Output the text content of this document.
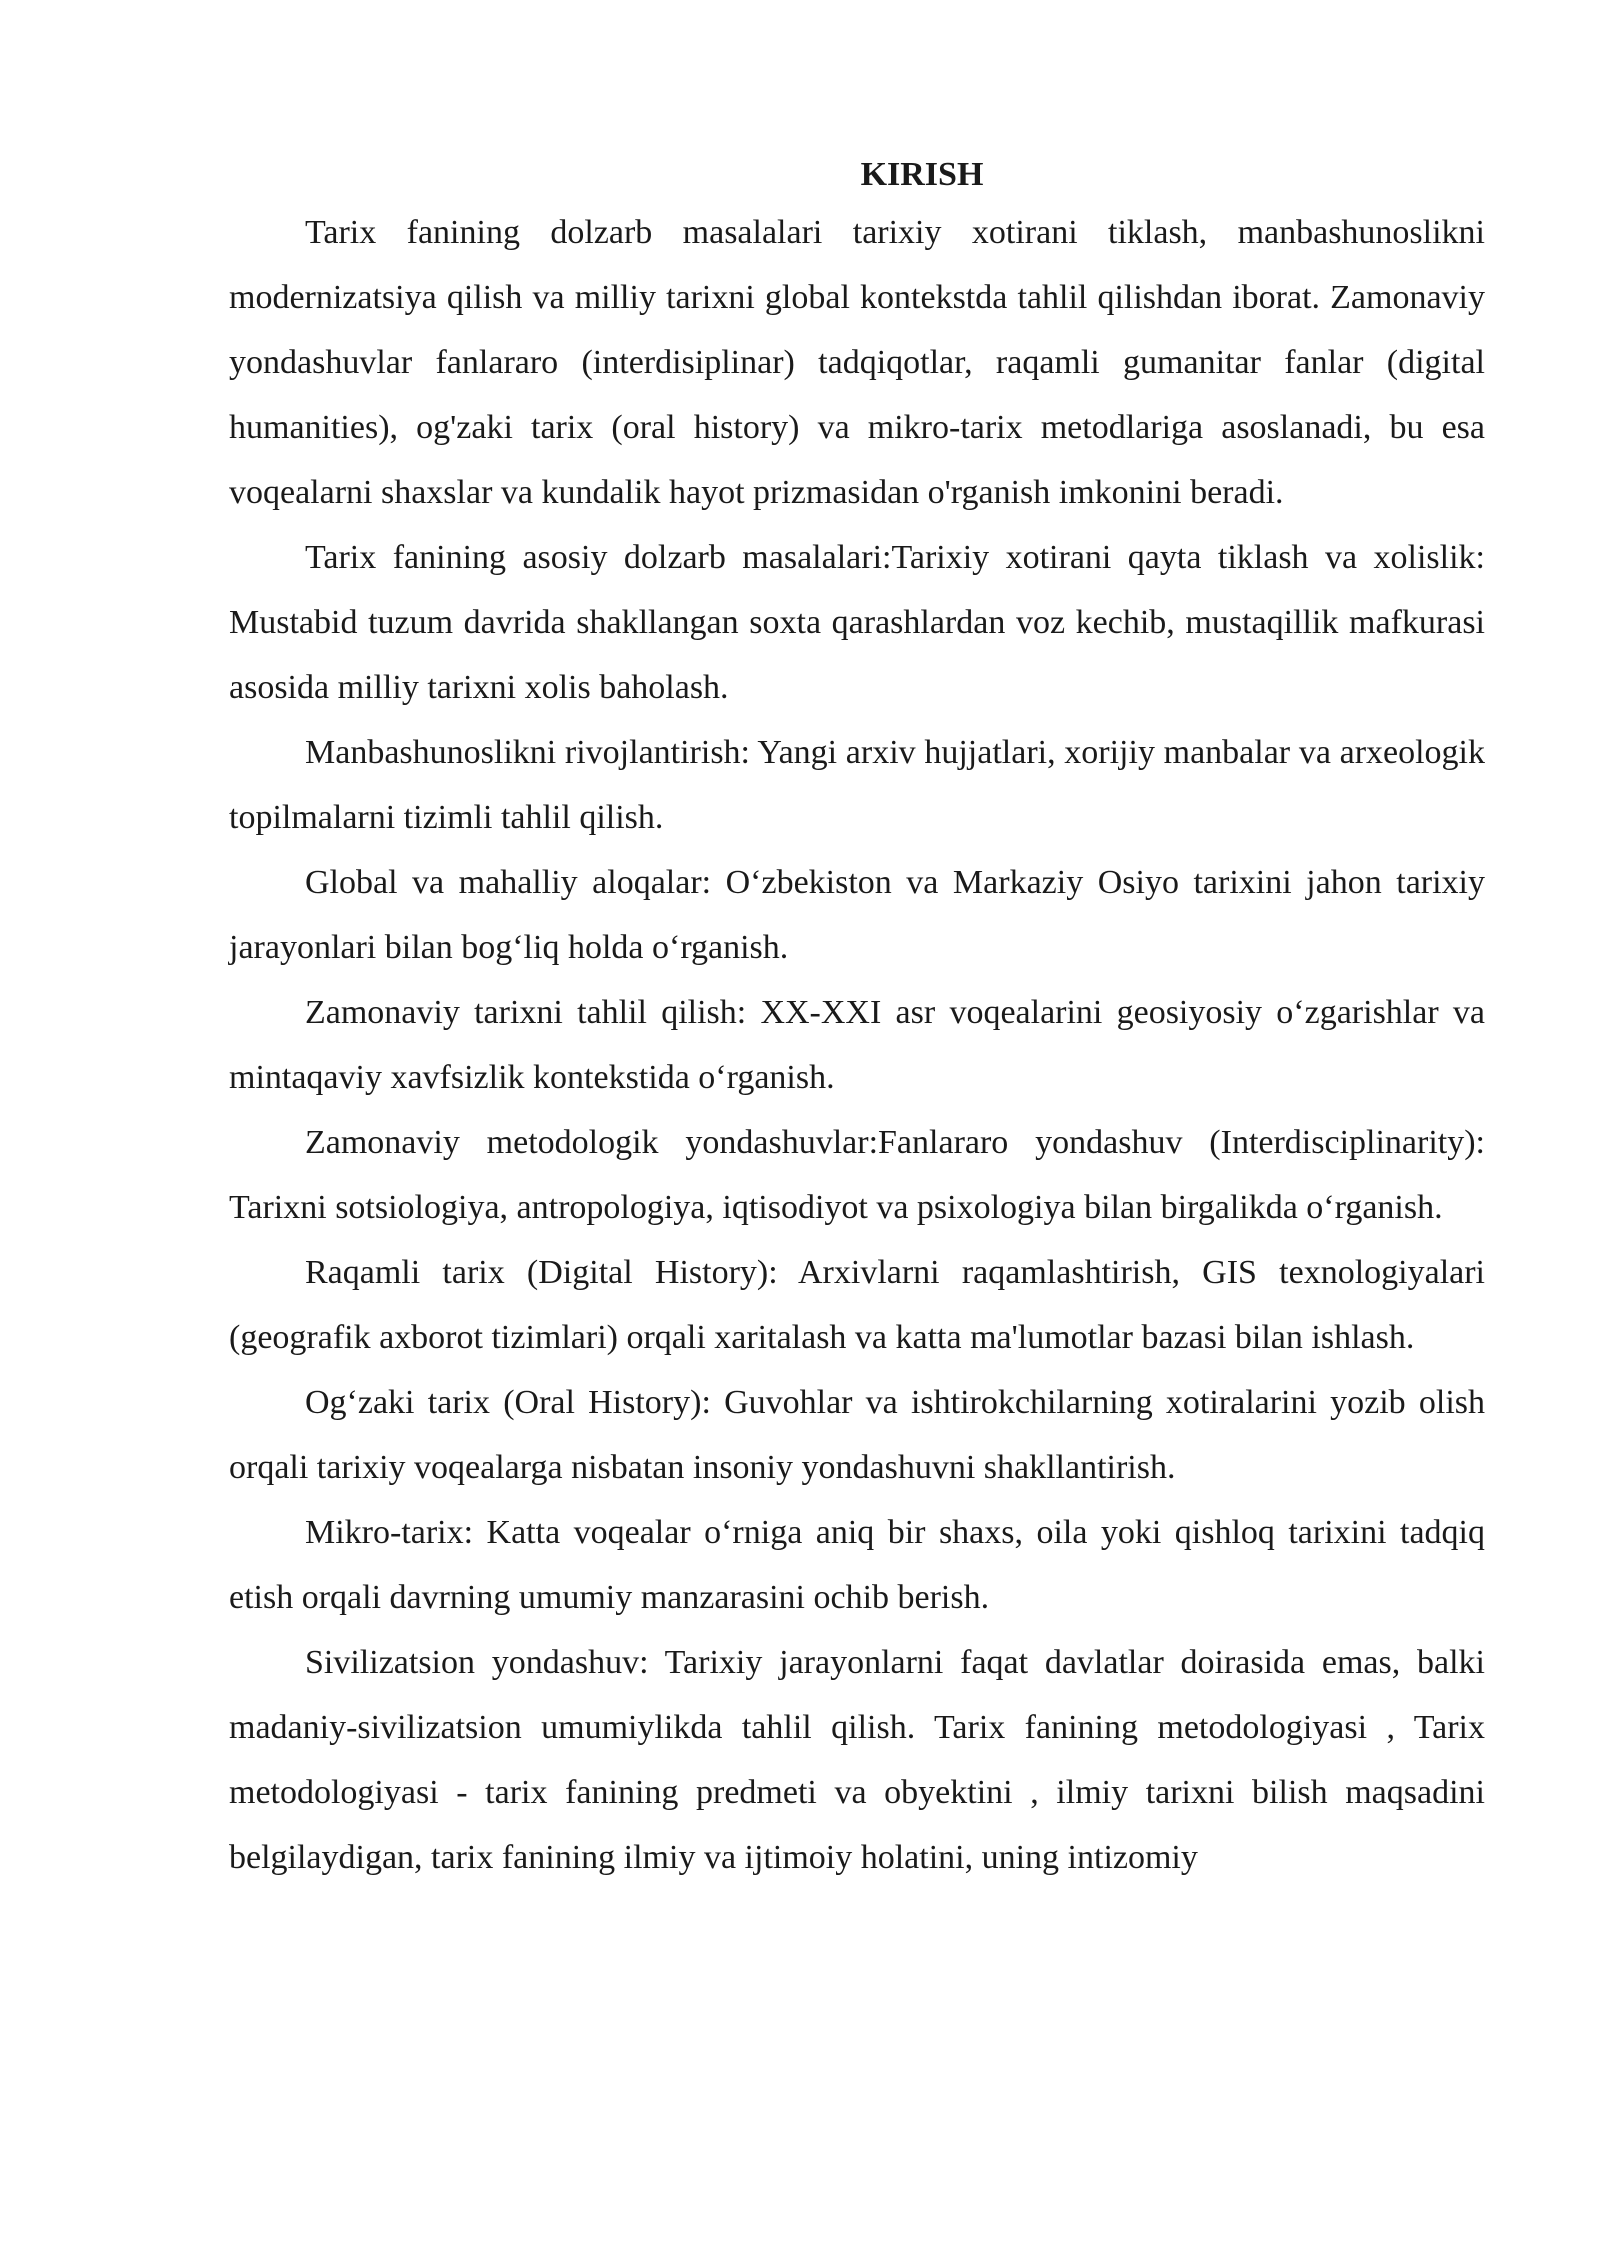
KIRISH

Tarix fanining dolzarb masalalari tarixiy xotirani tiklash, manbashunoslikni modernizatsiya qilish va milliy tarixni global kontekstda tahlil qilishdan iborat. Zamonaviy yondashuvlar fanlararo (interdisiplinar) tadqiqotlar, raqamli gumanitar fanlar (digital humanities), og'zaki tarix (oral history) va mikro-tarix metodlariga asoslanadi, bu esa voqealarni shaxslar va kundalik hayot prizmasidan o'rganish imkonini beradi.

Tarix fanining asosiy dolzarb masalalari:Tarixiy xotirani qayta tiklash va xolislik: Mustabid tuzum davrida shakllangan soxta qarashlardan voz kechib, mustaqillik mafkurasi asosida milliy tarixni xolis baholash.

Manbashunoslikni rivojlantirish: Yangi arxiv hujjatlari, xorijiy manbalar va arxeologik topilmalarni tizimli tahlil qilish.

Global va mahalliy aloqalar: O‘zbekiston va Markaziy Osiyo tarixini jahon tarixiy jarayonlari bilan bog‘liq holda o‘rganish.

Zamonaviy tarixni tahlil qilish: XX-XXI asr voqealarini geosiyosiy o‘zgarishlar va mintaqaviy xavfsizlik kontekstida o‘rganish.

Zamonaviy metodologik yondashuvlar:Fanlararo yondashuv (Interdisciplinarity): Tarixni sotsiologiya, antropologiya, iqtisodiyot va psixologiya bilan birgalikda o‘rganish.

Raqamli tarix (Digital History): Arxivlarni raqamlashtirish, GIS texnologiyalari (geografik axborot tizimlari) orqali xaritalash va katta ma'lumotlar bazasi bilan ishlash.

Og‘zaki tarix (Oral History): Guvohlar va ishtirokchilarning xotiralarini yozib olish orqali tarixiy voqealarga nisbatan insoniy yondashuvni shakllantirish.

Mikro-tarix: Katta voqealar o‘rniga aniq bir shaxs, oila yoki qishloq tarixini tadqiq etish orqali davrning umumiy manzarasini ochib berish.

Sivilizatsion yondashuv: Tarixiy jarayonlarni faqat davlatlar doirasida emas, balki madaniy-sivilizatsion umumiylikda tahlil qilish. Tarix fanining metodologiyasi , Tarix metodologiyasi - tarix fanining predmeti va obyektini , ilmiy tarixni bilish maqsadini belgilaydigan, tarix fanining ilmiy va ijtimoiy holatini, uning intizomiy
